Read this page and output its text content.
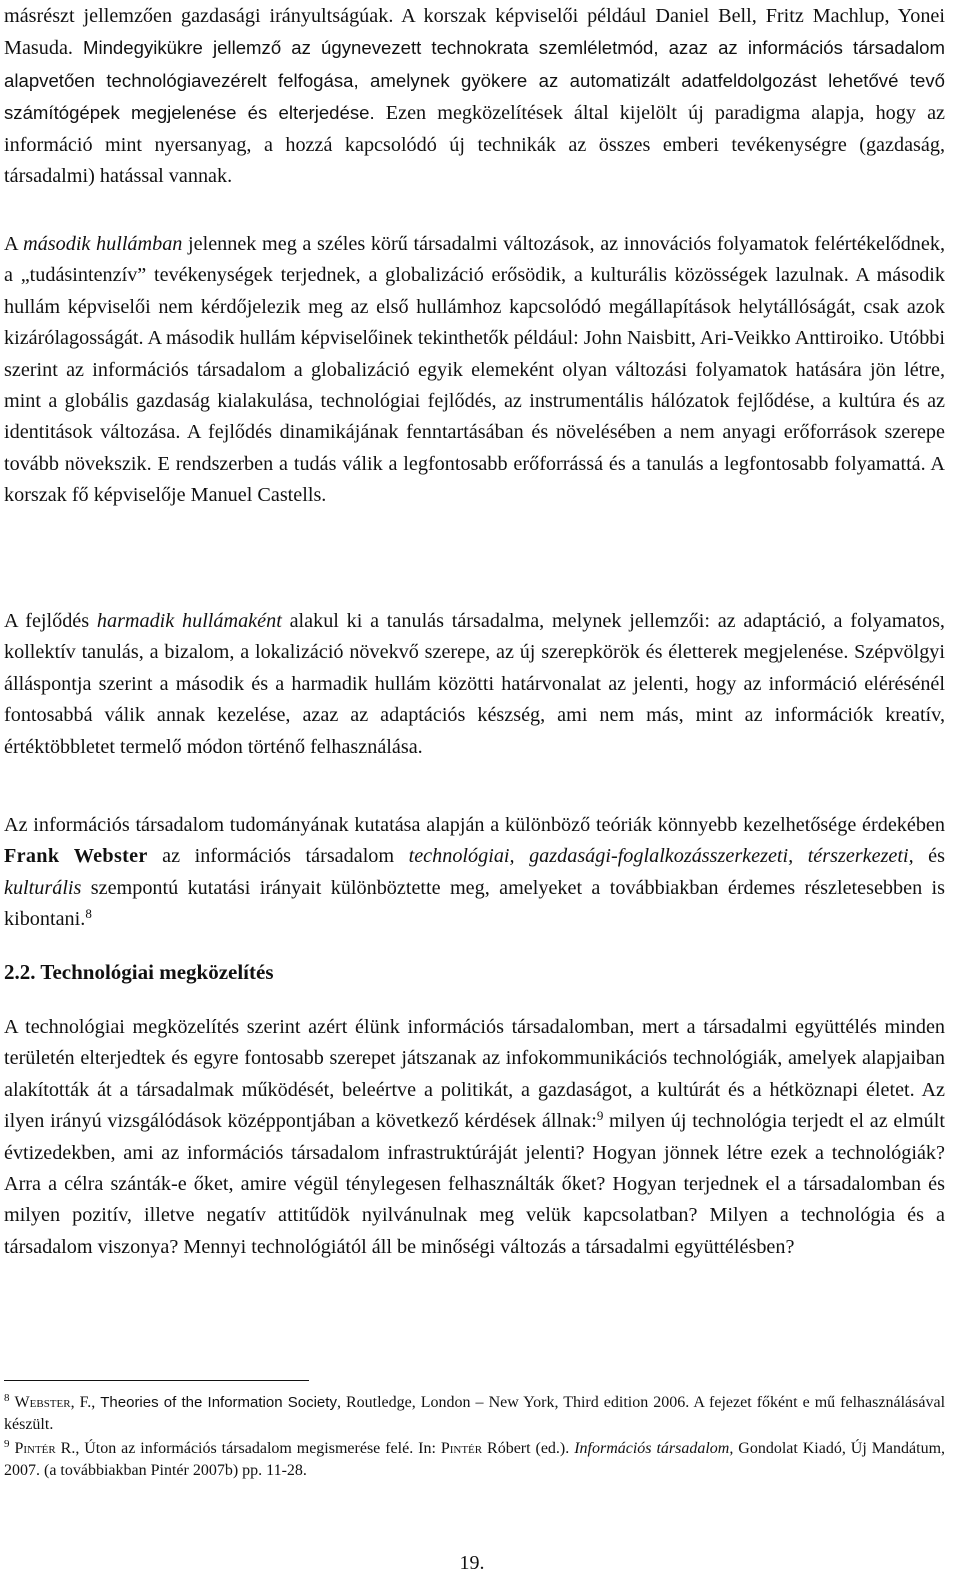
másrészt jellemzően gazdasági irányultságúak. A korszak képviselői például Daniel Bell, Fritz Machlup, Yonei Masuda. Mindegyikükre jellemző az úgynevezett technokrata szemléletmód, azaz az információs társadalom alapvetően technológiavezérelt felfogása, amelynek gyökere az automatizált adatfeldolgozást lehetővé tevő számítógépek megjelenése és elterjedése. Ezen megközelítések által kijelölt új paradigma alapja, hogy az információ mint nyersanyag, a hozzá kapcsolódó új technikák az összes emberi tevékenységre (gazdaság, társadalmi) hatással vannak.

A második hullámban jelennek meg a széles körű társadalmi változások, az innovációs folyamatok felértékelődnek, a „tudásintenzív” tevékenységek terjednek, a globalizáció erősödik, a kulturális közösségek lazulnak. A második hullám képviselői nem kérdőjelezik meg az első hullámhoz kapcsolódó megállapítások helytállóságát, csak azok kizárólagosságát. A második hullám képviselőinek tekinthetők például: John Naisbitt, Ari-Veikko Anttiroiko. Utóbbi szerint az információs társadalom a globalizáció egyik elemeként olyan változási folyamatok hatására jön létre, mint a globális gazdaság kialakulása, technológiai fejlődés, az instrumentális hálózatok fejlődése, a kultúra és az identitások változása. A fejlődés dinamikájának fenntartásában és növelésében a nem anyagi erőforrások szerepe tovább növekszik. E rendszerben a tudás válik a legfontosabb erőforrássá és a tanulás a legfontosabb folyamattá. A korszak fő képviselője Manuel Castells.

A fejlődés harmadik hullámaként alakul ki a tanulás társadalma, melynek jellemzői: az adaptáció, a folyamatos, kollektív tanulás, a bizalom, a lokalizáció növekvő szerepe, az új szerepkörök és életterek megjelenése. Szépvölgyi álláspontja szerint a második és a harmadik hullám közötti határvonalat az jelenti, hogy az információ elérésénél fontosabbá válik annak kezelése, azaz az adaptációs készség, ami nem más, mint az információk kreatív, értéktöbbletet termelő módon történő felhasználása.

Az információs társadalom tudományának kutatása alapján a különböző teóriák könnyebb kezelhetősége érdekében Frank Webster az információs társadalom technológiai, gazdasági-foglalkozásszerkezeti, térszerkezeti, és kulturális szempontú kutatási irányait különböztette meg, amelyeket a továbbiakban érdemes részletesebben is kibontani.$^8$

2.2. Technológiai megközelítés

A technológiai megközelítés szerint azért élünk információs társadalomban, mert a társadalmi együttélés minden területén elterjedtek és egyre fontosabb szerepet játszanak az infokommunikációs technológiák, amelyek alapjaiban alakították át a társadalmak működését, beleértve a politikát, a gazdaságot, a kultúrát és a hétköznapi életet. Az ilyen irányú vizsgálódások középpontjában a következő kérdések állnak:$^9$ milyen új technológia terjedt el az elmúlt évtizedekben, ami az információs társadalom infrastruktúráját jelenti? Hogyan jönnek létre ezek a technológiák? Arra a célra szánták-e őket, amire végül ténylegesen felhasználták őket? Hogyan terjednek el a társadalomban és milyen pozitív, illetve negatív attitűdök nyilvánulnak meg velük kapcsolatban? Milyen a technológia és a társadalom viszonya? Mennyi technológiától áll be minőségi változás a társadalmi együttélésben?

$^8$ Webster, F., Theories of the Information Society, Routledge, London – New York, Third edition 2006. A fejezet főként e mű felhasználásával készült.

$^9$ Pintér R., Úton az információs társadalom megismerése felé. In: Pintér Róbert (ed.). Információs társadalom, Gondolat Kiadó, Új Mandátum, 2007. (a továbbiakban Pintér 2007b) pp. 11-28.

19.
